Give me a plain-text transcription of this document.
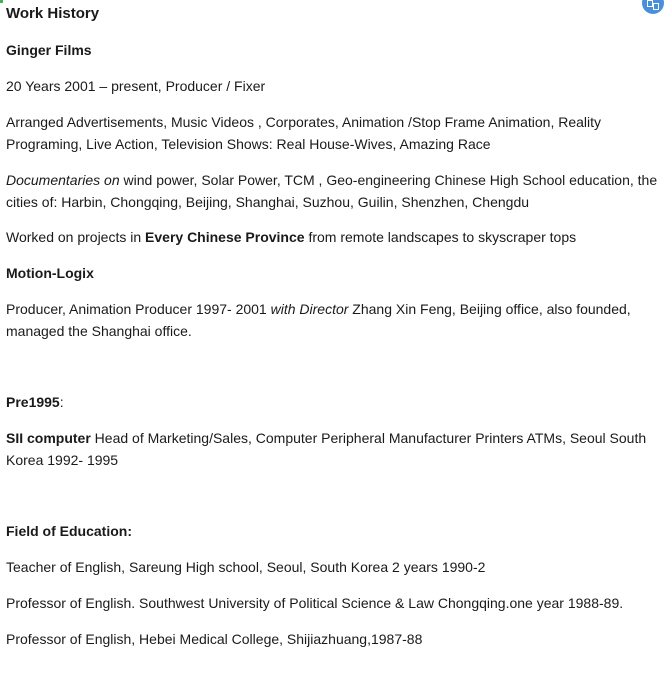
Work History
Ginger Films

20 Years 2001 – present, Producer / Fixer

Arranged Advertisements, Music Videos , Corporates, Animation /Stop Frame Animation, Reality Programing, Live Action, Television Shows: Real House-Wives, Amazing Race

Documentaries on wind power, Solar Power, TCM , Geo-engineering Chinese High School education, the cities of: Harbin, Chongqing, Beijing, Shanghai, Suzhou, Guilin, Shenzhen, Chengdu

Worked on projects in Every Chinese Province from remote landscapes to skyscraper tops

Motion-Logix

Producer, Animation Producer 1997- 2001 with Director Zhang Xin Feng, Beijing office, also founded, managed the Shanghai office.

Pre1995:

SII computer Head of Marketing/Sales, Computer Peripheral Manufacturer Printers ATMs, Seoul South Korea 1992- 1995

Field of Education:

Teacher of English, Sareung High school, Seoul, South Korea 2 years 1990-2

Professor of English. Southwest University of Political Science & Law Chongqing.one year 1988-89.

Professor of English, Hebei Medical College, Shijiazhuang,1987-88
